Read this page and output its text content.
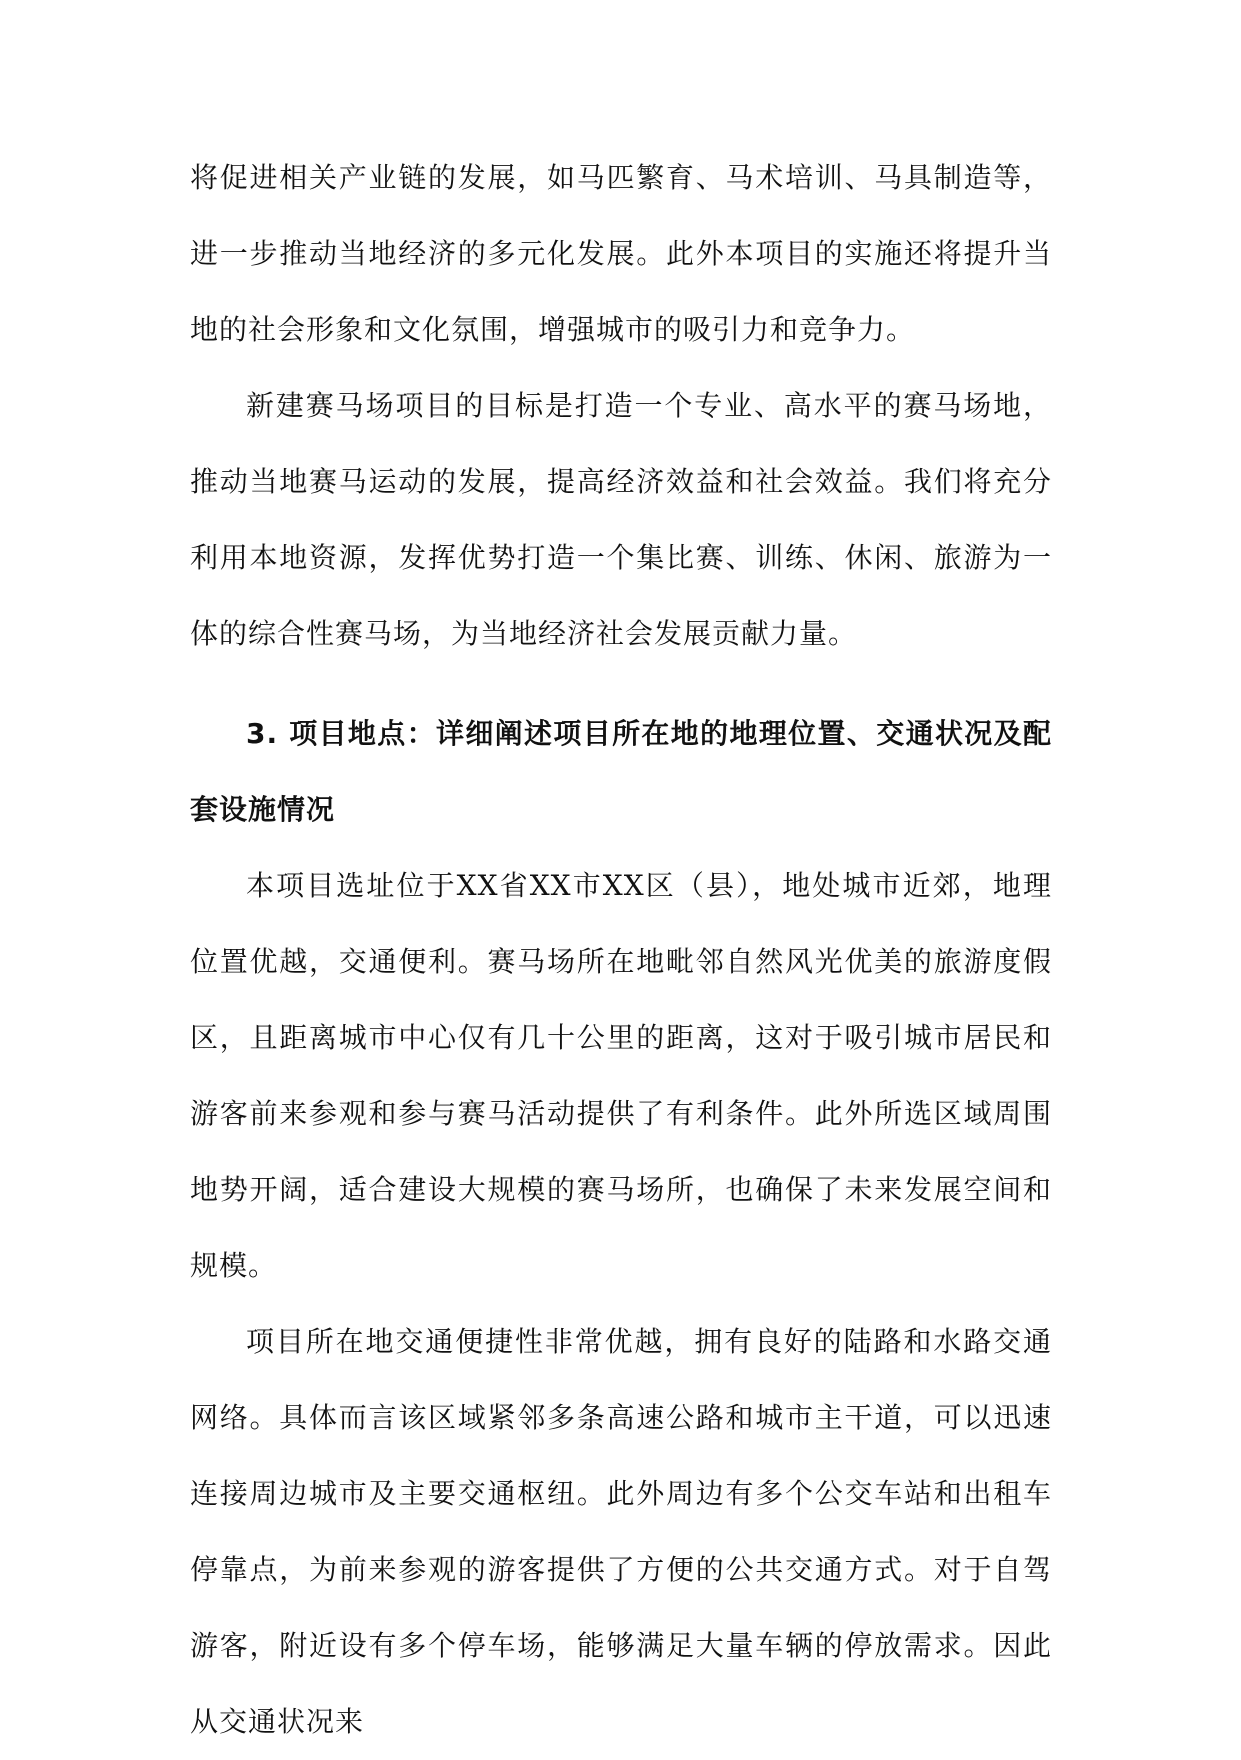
将促进相关产业链的发展，如马匹繁育、马术培训、马具制造等，进一步推动当地经济的多元化发展。此外本项目的实施还将提升当地的社会形象和文化氛围，增强城市的吸引力和竞争力。

新建赛马场项目的目标是打造一个专业、高水平的赛马场地，推动当地赛马运动的发展，提高经济效益和社会效益。我们将充分利用本地资源，发挥优势打造一个集比赛、训练、休闲、旅游为一体的综合性赛马场，为当地经济社会发展贡献力量。

3. 项目地点：详细阐述项目所在地的地理位置、交通状况及配套设施情况

本项目选址位于XX省XX市XX区（县），地处城市近郊，地理位置优越，交通便利。赛马场所在地毗邻自然风光优美的旅游度假区，且距离城市中心仅有几十公里的距离，这对于吸引城市居民和游客前来参观和参与赛马活动提供了有利条件。此外所选区域周围地势开阔，适合建设大规模的赛马场所，也确保了未来发展空间和规模。

项目所在地交通便捷性非常优越，拥有良好的陆路和水路交通网络。具体而言该区域紧邻多条高速公路和城市主干道，可以迅速连接周边城市及主要交通枢纽。此外周边有多个公交车站和出租车停靠点，为前来参观的游客提供了方便的公共交通方式。对于自驾游客，附近设有多个停车场，能够满足大量车辆的停放需求。因此从交通状况来
